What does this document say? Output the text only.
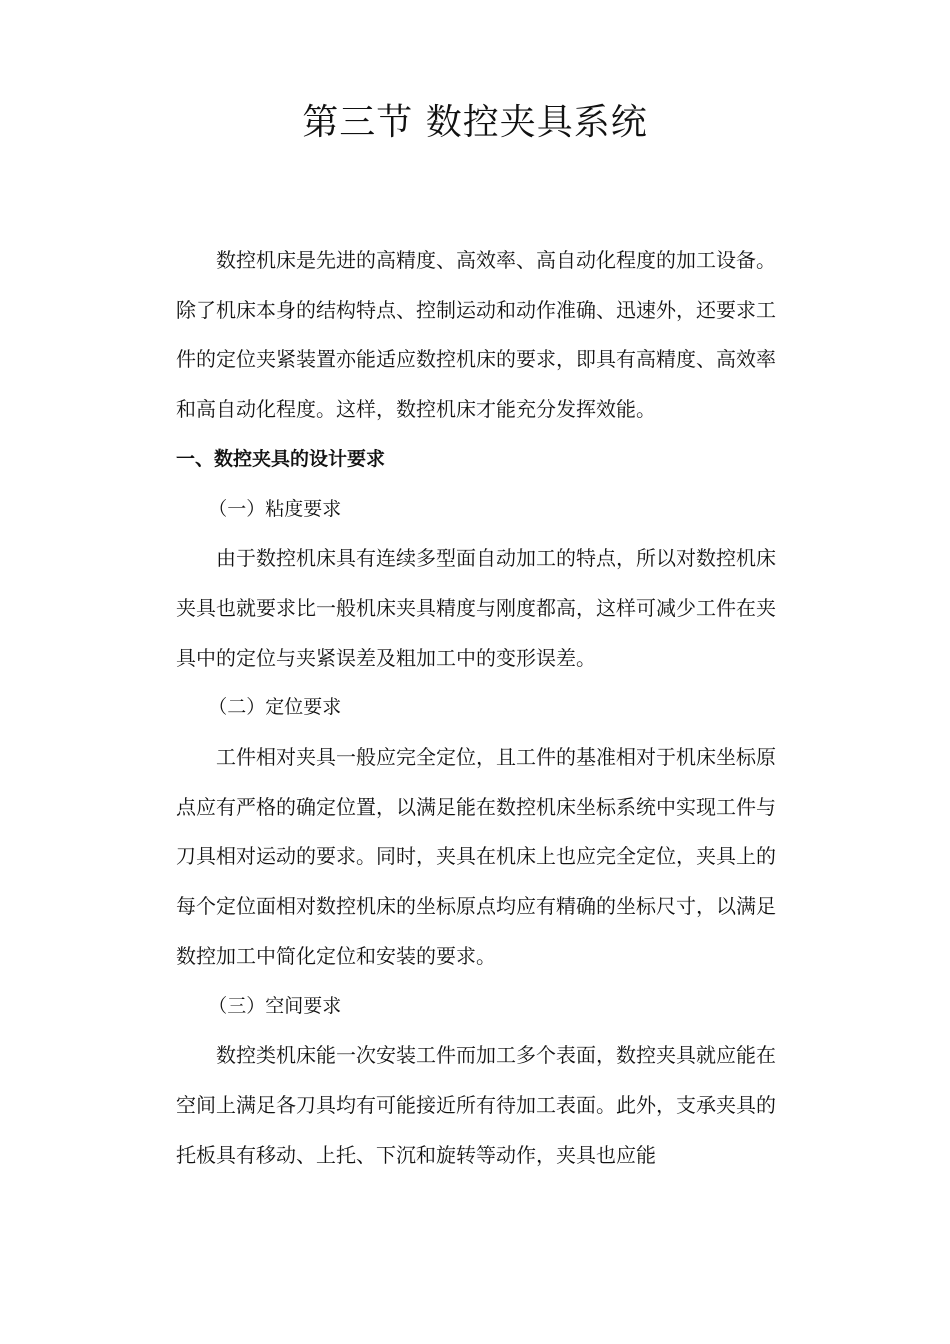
第三节 数控夹具系统

数控机床是先进的高精度、高效率、高自动化程度的加工设备。除了机床本身的结构特点、控制运动和动作准确、迅速外，还要求工件的定位夹紧装置亦能适应数控机床的要求，即具有高精度、高效率和高自动化程度。这样，数控机床才能充分发挥效能。

一、数控夹具的设计要求

（一）粘度要求

由于数控机床具有连续多型面自动加工的特点，所以对数控机床夹具也就要求比一般机床夹具精度与刚度都高，这样可减少工件在夹具中的定位与夹紧误差及粗加工中的变形误差。

（二）定位要求

工件相对夹具一般应完全定位，且工件的基准相对于机床坐标原点应有严格的确定位置，以满足能在数控机床坐标系统中实现工件与刀具相对运动的要求。同时，夹具在机床上也应完全定位，夹具上的每个定位面相对数控机床的坐标原点均应有精确的坐标尺寸，以满足数控加工中简化定位和安装的要求。

（三）空间要求

数控类机床能一次安装工件而加工多个表面，数控夹具就应能在空间上满足各刀具均有可能接近所有待加工表面。此外，支承夹具的托板具有移动、上托、下沉和旋转等动作，夹具也应能
